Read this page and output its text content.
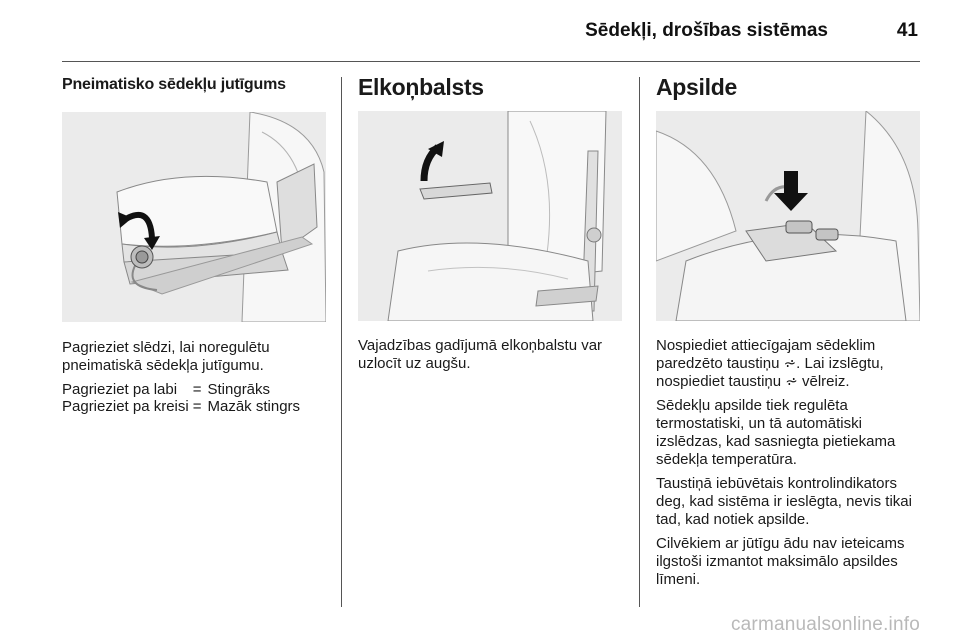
Sēdekļi, drošības sistēmas	41
Pneimatisko sēdekļu jutīgums

Pagrieziet slēdzi, lai noregulētu pneimatiskā sēdekļa jutīgumu.

Pagrieziet pa labi	=	Stingrāks
Pagrieziet pa kreisi	=	Mazāk stingrs
Elkoņbalsts

Vajadzības gadījumā elkoņbalstu var uzlocīt uz augšu.

Apsilde

Nospiediet attiecīgajam sēdeklim paredzēto taustiņu ⩫. Lai izslēgtu, nospiediet taustiņu ⩫ vēlreiz.

Sēdekļu apsilde tiek regulēta termostatiski, un tā automātiski izslēdzas, kad sasniegta pietiekama sēdekļa temperatūra.

Taustiņā iebūvētais kontrolindikators deg, kad sistēma ir ieslēgta, nevis tikai tad, kad notiek apsilde.

Cilvēkiem ar jūtīgu ādu nav ieteicams ilgstoši izmantot maksimālo apsildes līmeni.

carmanualsonline.info
